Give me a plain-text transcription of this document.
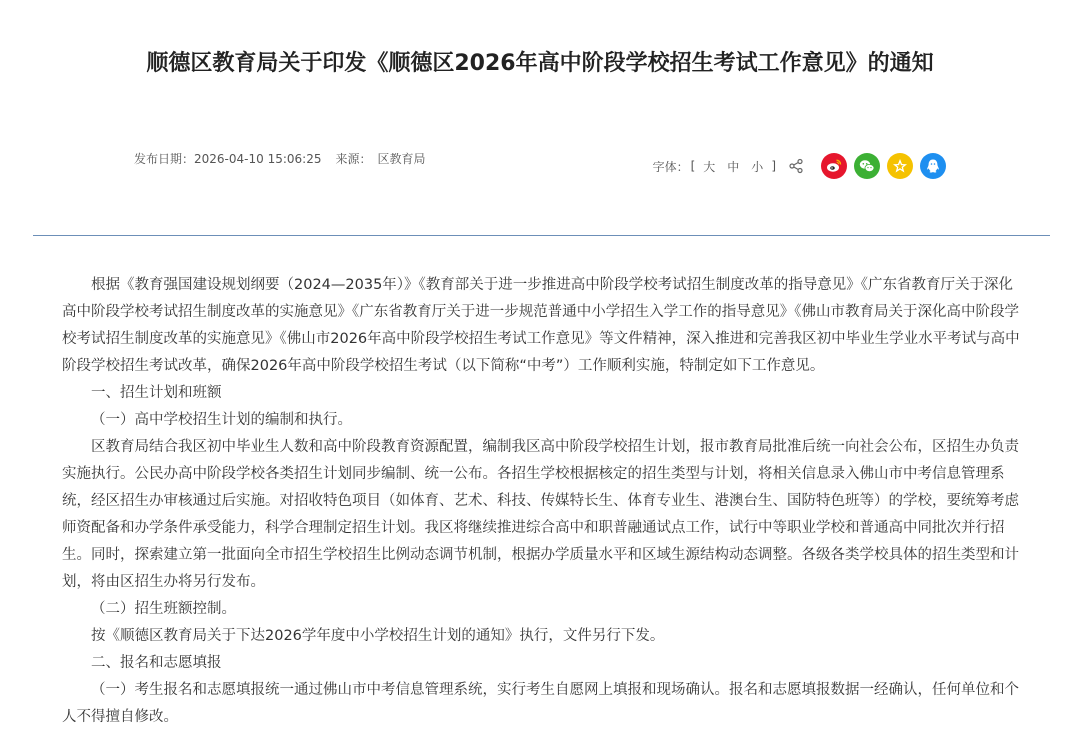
顺德区教育局关于印发《顺德区2026年高中阶段学校招生考试工作意见》的通知
发布日期：2026-04-10 15:06:25 来源： 区教育局
字体： [ 大 中 小 ]

根据《教育强国建设规划纲要（2024—2035年）》《教育部关于进一步推进高中阶段学校考试招生制度改革的指导意见》《广东省教育厅关于深化高中阶段学校考试招生制度改革的实施意见》《广东省教育厅关于进一步规范普通中小学招生入学工作的指导意见》《佛山市教育局关于深化高中阶段学校考试招生制度改革的实施意见》《佛山市2026年高中阶段学校招生考试工作意见》等文件精神，深入推进和完善我区初中毕业生学业水平考试与高中阶段学校招生考试改革，确保2026年高中阶段学校招生考试（以下简称“中考”）工作顺利实施，特制定如下工作意见。

一、招生计划和班额

（一）高中学校招生计划的编制和执行。

区教育局结合我区初中毕业生人数和高中阶段教育资源配置，编制我区高中阶段学校招生计划，报市教育局批准后统一向社会公布，区招生办负责实施执行。公民办高中阶段学校各类招生计划同步编制、统一公布。各招生学校根据核定的招生类型与计划，将相关信息录入佛山市中考信息管理系统，经区招生办审核通过后实施。对招收特色项目（如体育、艺术、科技、传媒特长生、体育专业生、港澳台生、国防特色班等）的学校，要统筹考虑师资配备和办学条件承受能力，科学合理制定招生计划。我区将继续推进综合高中和职普融通试点工作，试行中等职业学校和普通高中同批次并行招生。同时，探索建立第一批面向全市招生学校招生比例动态调节机制，根据办学质量水平和区域生源结构动态调整。各级各类学校具体的招生类型和计划，将由区招生办将另行发布。

（二）招生班额控制。

按《顺德区教育局关于下达2026学年度中小学校招生计划的通知》执行，文件另行下发。

二、报名和志愿填报

（一）考生报名和志愿填报统一通过佛山市中考信息管理系统，实行考生自愿网上填报和现场确认。报名和志愿填报数据一经确认，任何单位和个人不得擅自修改。
